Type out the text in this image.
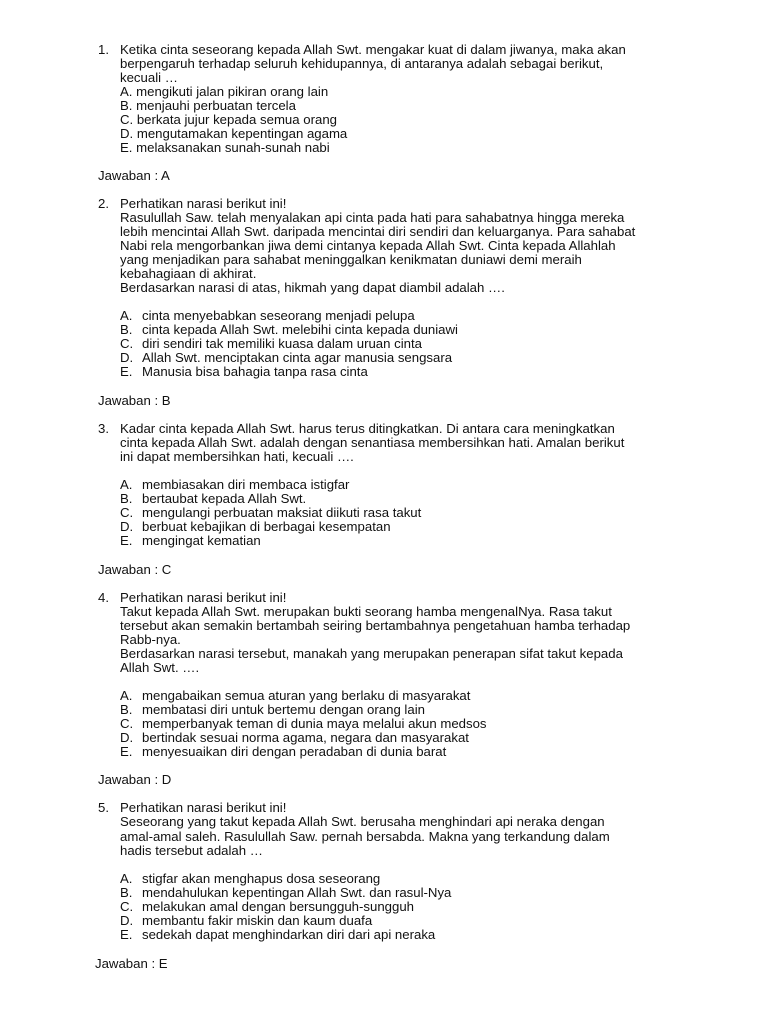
1. Ketika cinta seseorang kepada Allah Swt. mengakar kuat di dalam jiwanya, maka akan
berpengaruh terhadap seluruh kehidupannya, di antaranya adalah sebagai berikut,
kecuali …
A. mengikuti jalan pikiran orang lain
B. menjauhi perbuatan tercela
C. berkata jujur kepada semua orang
D. mengutamakan kepentingan agama
E. melaksanakan sunah-sunah nabi
Jawaban : A
2. Perhatikan narasi berikut ini!
Rasulullah Saw. telah menyalakan api cinta pada hati para sahabatnya hingga mereka
lebih mencintai Allah Swt. daripada mencintai diri sendiri dan keluarganya. Para sahabat
Nabi rela mengorbankan jiwa demi cintanya kepada Allah Swt. Cinta kepada Allahlah
yang menjadikan para sahabat meninggalkan kenikmatan duniawi demi meraih
kebahagiaan di akhirat.
Berdasarkan narasi di atas, hikmah yang dapat diambil adalah ….
A. cinta menyebabkan seseorang menjadi pelupa
B. cinta kepada Allah Swt. melebihi cinta kepada duniawi
C. diri sendiri tak memiliki kuasa dalam uruan cinta
D. Allah Swt. menciptakan cinta agar manusia sengsara
E. Manusia bisa bahagia tanpa rasa cinta
Jawaban : B
3. Kadar cinta kepada Allah Swt. harus terus ditingkatkan. Di antara cara meningkatkan
cinta kepada Allah Swt. adalah dengan senantiasa membersihkan hati. Amalan berikut
ini dapat membersihkan hati, kecuali ….
A. membiasakan diri membaca istigfar
B. bertaubat kepada Allah Swt.
C. mengulangi perbuatan maksiat diikuti rasa takut
D. berbuat kebajikan di berbagai kesempatan
E. mengingat kematian
Jawaban : C
4. Perhatikan narasi berikut ini!
Takut kepada Allah Swt. merupakan bukti seorang hamba mengenalNya. Rasa takut
tersebut akan semakin bertambah seiring bertambahnya pengetahuan hamba terhadap
Rabb-nya.
Berdasarkan narasi tersebut, manakah yang merupakan penerapan sifat takut kepada
Allah Swt. ….
A. mengabaikan semua aturan yang berlaku di masyarakat
B. membatasi diri untuk bertemu dengan orang lain
C. memperbanyak teman di dunia maya melalui akun medsos
D. bertindak sesuai norma agama, negara dan masyarakat
E. menyesuaikan diri dengan peradaban di dunia barat
Jawaban : D
5. Perhatikan narasi berikut ini!
Seseorang yang takut kepada Allah Swt. berusaha menghindari api neraka dengan
amal-amal saleh. Rasulullah Saw. pernah bersabda. Makna yang terkandung dalam
hadis tersebut adalah …
A. stigfar akan menghapus dosa seseorang
B. mendahulukan kepentingan Allah Swt. dan rasul-Nya
C. melakukan amal dengan bersungguh-sungguh
D. membantu fakir miskin dan kaum duafa
E. sedekah dapat menghindarkan diri dari api neraka
Jawaban : E
